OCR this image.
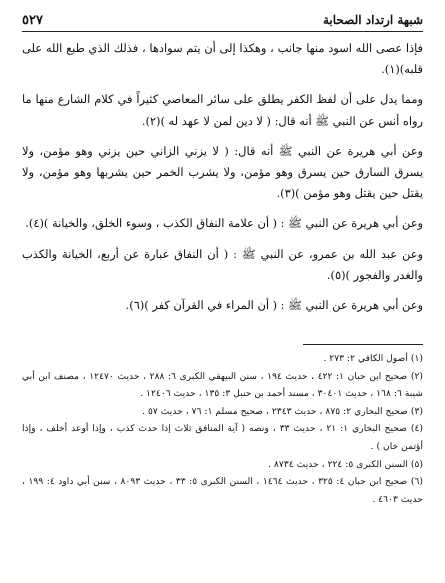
شبهة ارتداد الصحابة
٥٢٧

فإذا عصى الله اسود منها جانب ، وهكذا إلى أن يتم سوادها ، فذلك الذي طبع الله على قلبه)(١).

ومما يدل على أن لفظ الكفر يطلق على سائر المعاصي كثيراً في كلام الشارع منها ما رواه أنس عن النبي ﷺ أنه قال: ( لا دين لمن لا عهد له )(٢).

وعن أبي هريرة عن النبي ﷺ أنه قال: ( لا يزني الزاني حين يزني وهو مؤمن، ولا يسرق السارق حين يسرق وهو مؤمن، ولا يشرب الخمر حين يشربها وهو مؤمن، ولا يقتل حين يقتل وهو مؤمن )(٣).

وعن أبي هريرة عن النبي ﷺ : ( أن علامة النفاق الكذب ، وسوء الخلق، والخيانة )(٤).

وعن عبد الله بن عمرو، عن النبي ﷺ : ( أن النفاق عبارة عن أربع، الخيانة والكذب والغدر والفجور )(٥).

وعن أبي هريرة عن النبي ﷺ : ( أن المراء في القرآن كفر )(٦).

(١) أصول الكافي ٢: ٢٧٣ .

(٢) صحيح ابن حبان ١: ٤٢٢ ، حديث ١٩٤ ، سنن البيهقي الكبرى ٦: ٢٨٨ ، حديث ١٢٤٧٠ ، مصنف ابن أبي شيبة ٦: ١٦٨ ، حديث ٣٠٤٠١ ، مسند أحمد بن حنبل ٣: ١٣٥ ، حديث ١٢٤٠٦ .

(٣) صحيح البخاري ٢: ٨٧٥ ، حديث ٢٣٤٣ ، صحيح مسلم ١: ٧٦ ، حديث ٥٧ .

(٤) صحيح البخاري ١: ٢١ ، حديث ٣٣ ، ونصه ( آية المنافق ثلاث إذا حدث كذب ، وإذا أوعد أخلف ، وإذا أؤتمن خان ) .

(٥) السنن الكبرى ٥: ٢٢٤ ، حديث ٨٧٣٤ .

(٦) صحيح ابن حبان ٤: ٣٢٥ ، حديث ١٤٦٤ ، السنن الكبرى ٥: ٣٣ ، حديث ٨٠٩٣ ، سنن أبي داود ٤: ١٩٩ ، حديث ٤٦٠٣ .
